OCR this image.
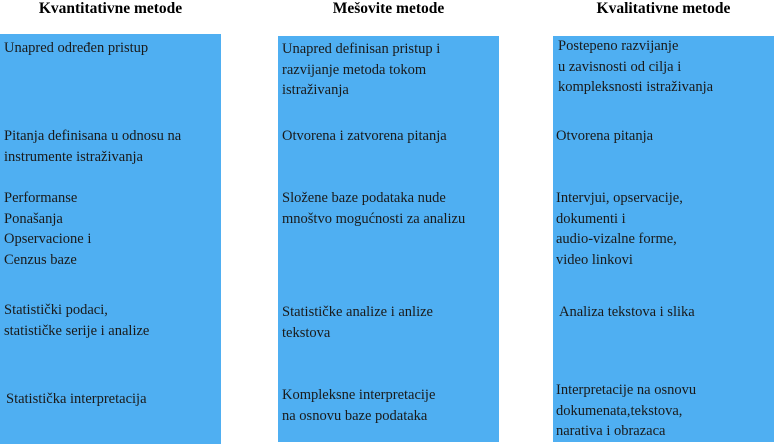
Kvantitativne metode	Mešovite metode	Kvalitativne metode
Unapred određen pristup
Pitanja definisana u odnosu na
instrumente istraživanja
Performanse
Ponašanja
Opservacione i
Cenzus baze
Statistički podaci,
statističke serije i analize
Statistička interpretacija
Unapred definisan pristup i
razvijanje metoda tokom
istraživanja
Otvorena i zatvorena pitanja
Složene baze podataka nude
mnoštvo mogućnosti za analizu
Statističke analize i anlize
tekstova
Kompleksne interpretacije
na osnovu baze podataka
Postepeno razvijanje
u zavisnosti od cilja i
kompleksnosti istraživanja
Otvorena pitanja
Intervjui, opservacije,
dokumenti i
audio-vizalne forme,
video linkovi
Analiza tekstova i slika
Interpretacije na osnovu
dokumenata,tekstova,
narativa i obrazaca
